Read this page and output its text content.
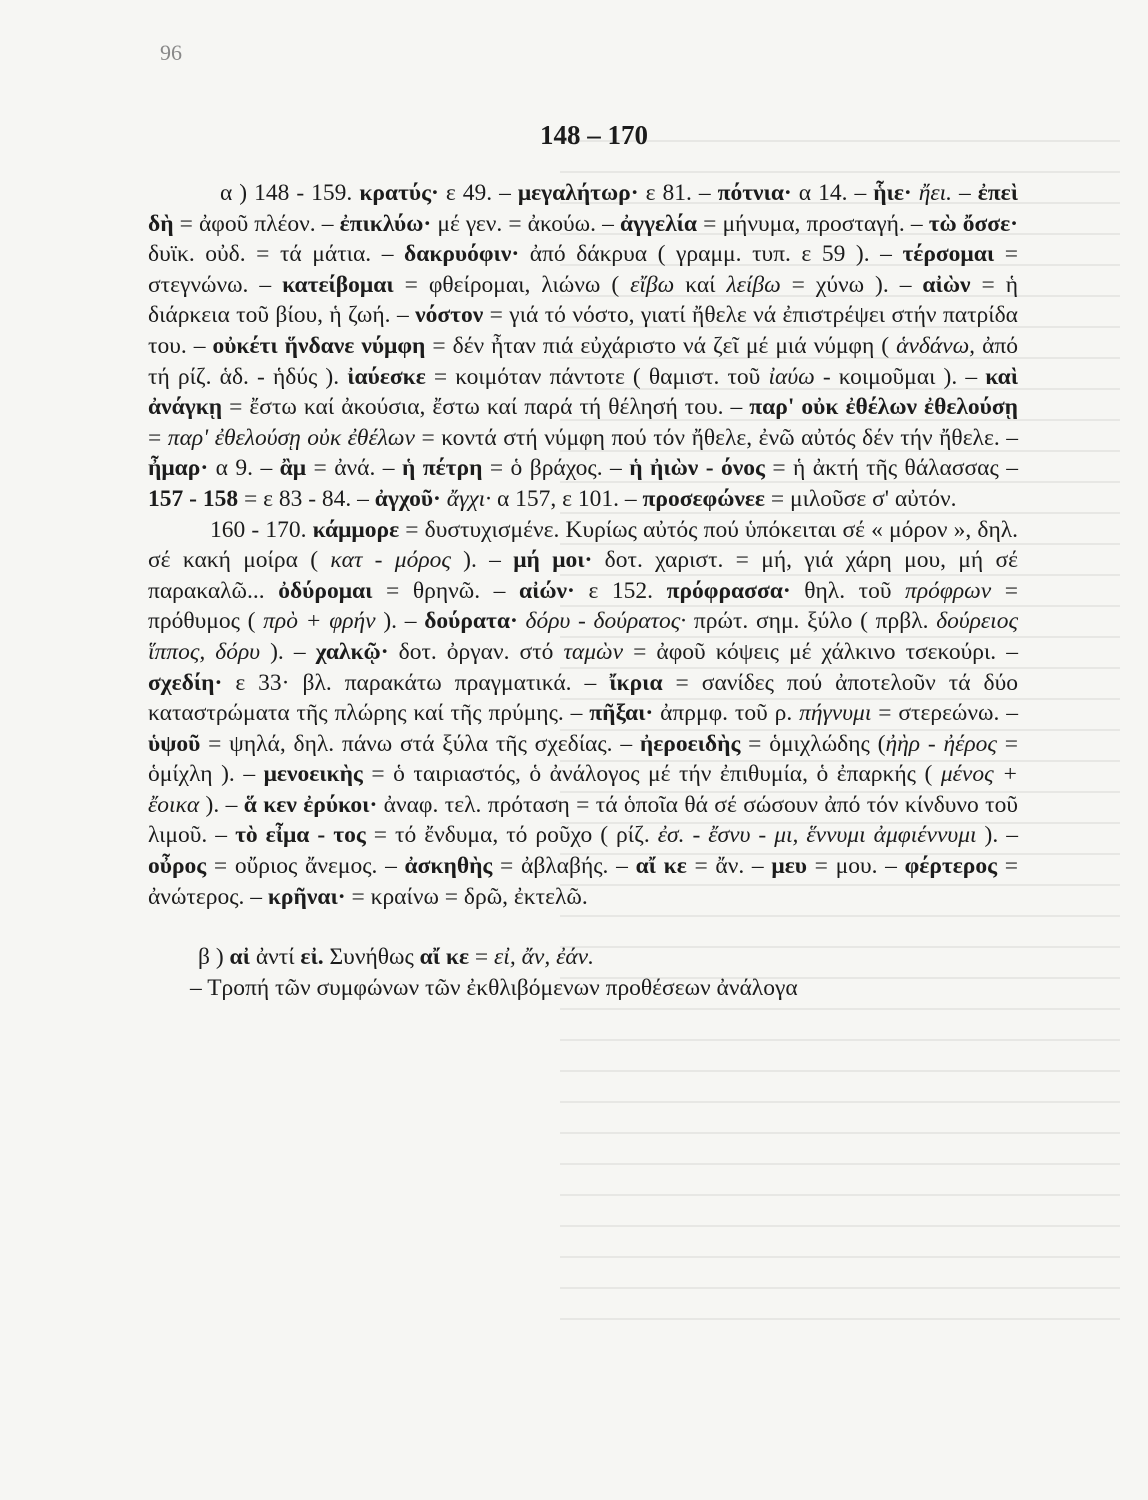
96
148 – 170

α ) 148 - 159. κρατύς· ε 49. – μεγαλήτωρ· ε 81. – πότνια· α 14. – ἧιε· ἤει. – ἐπεὶ δὴ = ἀφοῦ πλέον. – ἐπικλύω· μέ γεν. = ἀκούω. – ἀγγελία = μήνυμα, προσταγή. – τὼ ὄσσε· δυϊκ. οὐδ. = τά μάτια. – δακρυόφιν· ἀπό δάκρυα ( γραμμ. τυπ. ε 59 ). – τέρσομαι = στεγνώνω. – κατείβομαι = φθείρομαι, λιώνω ( εἴβω καί λείβω = χύνω ). – αἰὼν = ἡ διάρκεια τοῦ βίου, ἡ ζωή. – νόστον = γιά τό νόστο, γιατί ἤθελε νά ἐπιστρέψει στήν πατρίδα του. – οὐκέτι ἥνδανε νύμφη = δέν ἦταν πιά εὐχάριστο νά ζεῖ μέ μιά νύμφη ( ἁνδάνω, ἀπό τή ρίζ. ἁδ. - ἡδύς ). ἰαύεσκε = κοιμόταν πάντοτε ( θαμιστ. τοῦ ἰαύω - κοιμοῦμαι ). – καὶ ἀνάγκῃ = ἔστω καί ἀκούσια, ἔστω καί παρά τή θέλησή του. – παρ' οὐκ ἐθέλων ἐθελούσῃ = παρ' ἐθελούσῃ οὐκ ἐθέλων = κοντά στή νύμφη πού τόν ἤθελε, ἐνῶ αὐτός δέν τήν ἤθελε. – ἦμαρ· α 9. – ἂμ = ἀνά. – ἡ πέτρη = ὁ βράχος. – ἡ ἠιὼν - όνος = ἡ ἀκτή τῆς θάλασσας – 157 - 158 = ε 83 - 84. – ἀγχοῦ· ἄγχι· α 157, ε 101. – προσεφώνεε = μιλοῦσε σ' αὐτόν.

160 - 170. κάμμορε = δυστυχισμένε. Κυρίως αὐτός πού ὑπόκειται σέ « μόρον », δηλ. σέ κακή μοίρα ( κατ - μόρος ). – μή μοι· δοτ. χαριστ. = μή, γιά χάρη μου, μή σέ παρακαλῶ... ὀδύρομαι = θρηνῶ. – αἰών· ε 152. πρόφρασσα· θηλ. τοῦ πρόφρων = πρόθυμος ( πρὸ + φρήν ). – δούρατα· δόρυ - δούρατος· πρώτ. σημ. ξύλο ( πρβλ. δούρειος ἵππος, δόρυ ). – χαλκῷ· δοτ. ὀργαν. στό ταμὼν = ἀφοῦ κόψεις μέ χάλκινο τσεκούρι. – σχεδίη· ε 33· βλ. παρακάτω πραγματικά. – ἴκρια = σανίδες πού ἀποτελοῦν τά δύο καταστρώματα τῆς πλώρης καί τῆς πρύμης. – πῆξαι· ἀπρμφ. τοῦ ρ. πήγνυμι = στερεώνω. – ὑψοῦ = ψηλά, δηλ. πάνω στά ξύλα τῆς σχεδίας. – ἠεροειδὴς = ὁμιχλώδης (ἠὴρ - ἠέρος = ὁμίχλη ). – μενοεικὴς = ὁ ταιριαστός, ὁ ἀνάλογος μέ τήν ἐπιθυμία, ὁ ἐπαρκής ( μένος + ἔοικα ). – ἅ κεν ἐρύκοι· ἀναφ. τελ. πρόταση = τά ὁποῖα θά σέ σώσουν ἀπό τόν κίνδυνο τοῦ λιμοῦ. – τὸ εἶμα - τος = τό ἔνδυμα, τό ροῦχο ( ρίζ. ἐσ. - ἔσνυ - μι, ἕννυμι ἀμφιέννυμι ). – οὖρος = οὔριος ἄνεμος. – ἀσκηθὴς = ἀβλαβής. – αἴ κε = ἄν. – μευ = μου. – φέρτερος = ἀνώτερος. – κρῆναι· = κραίνω = δρῶ, ἐκτελῶ.

β ) αἰ ἀντί εἰ. Συνήθως αἴ κε = εἰ, ἄν, ἐάν.

– Τροπή τῶν συμφώνων τῶν ἐκθλιβόμενων προθέσεων ἀνάλογα
